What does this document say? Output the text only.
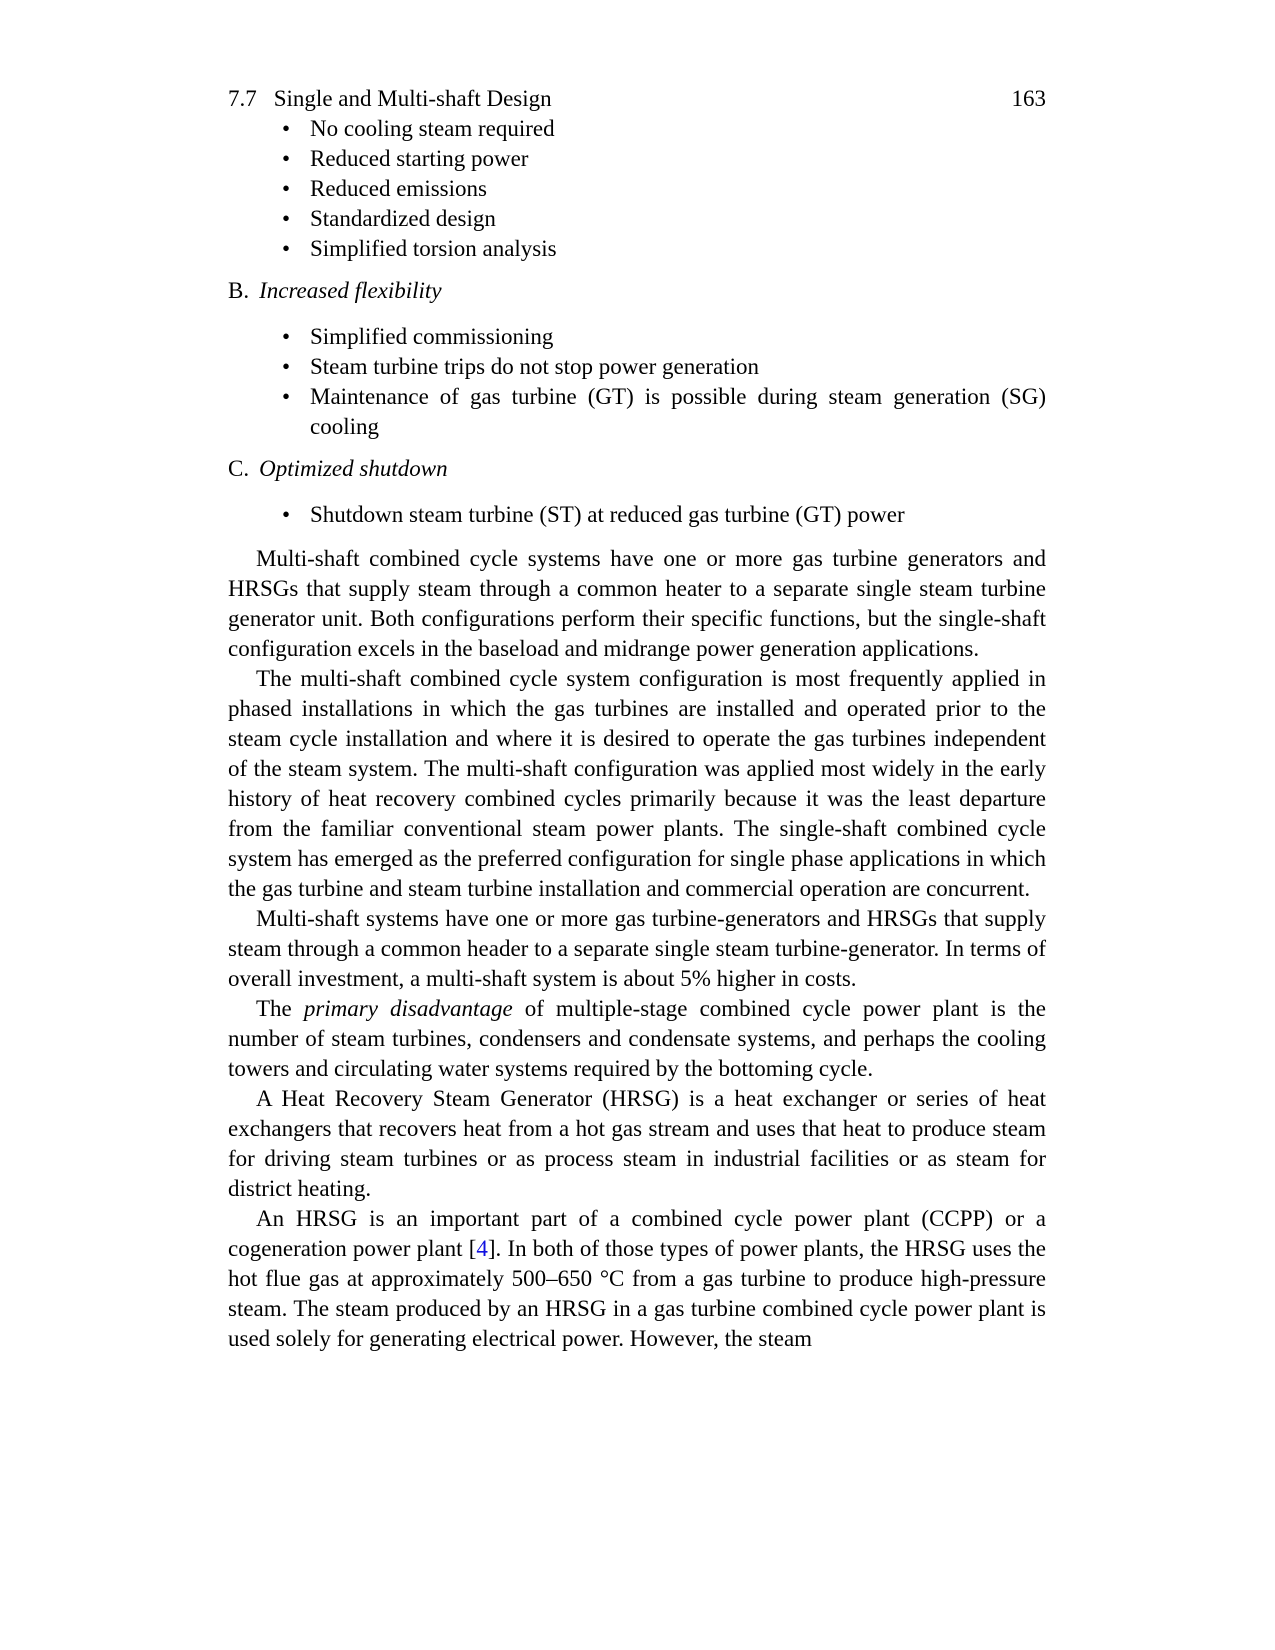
7.7 Single and Multi-shaft Design	163
• No cooling steam required
• Reduced starting power
• Reduced emissions
• Standardized design
• Simplified torsion analysis
B. Increased flexibility
• Simplified commissioning
• Steam turbine trips do not stop power generation
• Maintenance of gas turbine (GT) is possible during steam generation (SG) cooling
C. Optimized shutdown
• Shutdown steam turbine (ST) at reduced gas turbine (GT) power

Multi-shaft combined cycle systems have one or more gas turbine generators and HRSGs that supply steam through a common heater to a separate single steam turbine generator unit. Both configurations perform their specific functions, but the single-shaft configuration excels in the baseload and midrange power generation applications.

The multi-shaft combined cycle system configuration is most frequently applied in phased installations in which the gas turbines are installed and operated prior to the steam cycle installation and where it is desired to operate the gas turbines independent of the steam system. The multi-shaft configuration was applied most widely in the early history of heat recovery combined cycles primarily because it was the least departure from the familiar conventional steam power plants. The single-shaft combined cycle system has emerged as the preferred configuration for single phase applications in which the gas turbine and steam turbine installation and commercial operation are concurrent.

Multi-shaft systems have one or more gas turbine-generators and HRSGs that supply steam through a common header to a separate single steam turbine-generator. In terms of overall investment, a multi-shaft system is about 5% higher in costs.

The primary disadvantage of multiple-stage combined cycle power plant is the number of steam turbines, condensers and condensate systems, and perhaps the cooling towers and circulating water systems required by the bottoming cycle.

A Heat Recovery Steam Generator (HRSG) is a heat exchanger or series of heat exchangers that recovers heat from a hot gas stream and uses that heat to produce steam for driving steam turbines or as process steam in industrial facilities or as steam for district heating.

An HRSG is an important part of a combined cycle power plant (CCPP) or a cogeneration power plant [4]. In both of those types of power plants, the HRSG uses the hot flue gas at approximately 500–650 °C from a gas turbine to produce high-pressure steam. The steam produced by an HRSG in a gas turbine combined cycle power plant is used solely for generating electrical power. However, the steam
